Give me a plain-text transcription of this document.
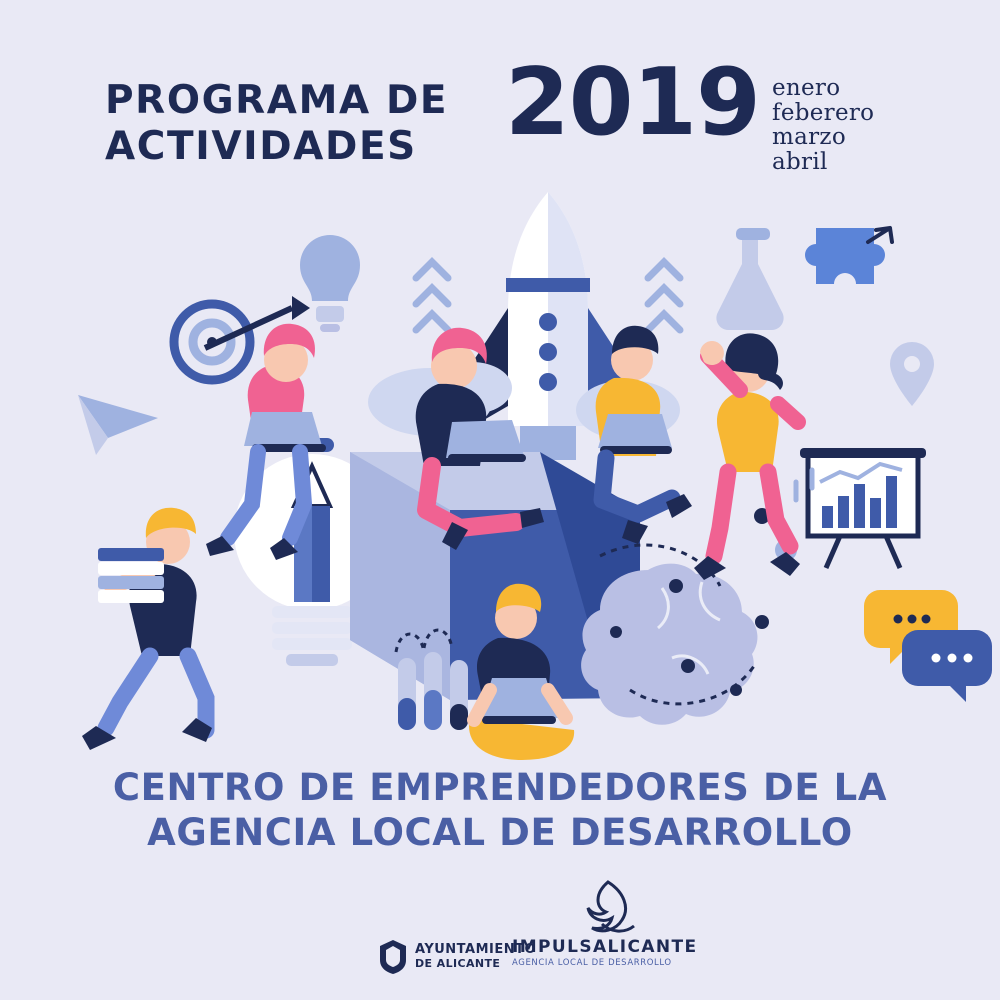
PROGRAMA DE
ACTIVIDADES 2019 enero
feberero
marzo
abril
CENTRO DE EMPRENDEDORES DE LA
AGENCIA LOCAL DE DESARROLLO
AYUNTAMIENTO
DE ALICANTE
IMPULSALICANTE
AGENCIA LOCAL DE DESARROLLO
